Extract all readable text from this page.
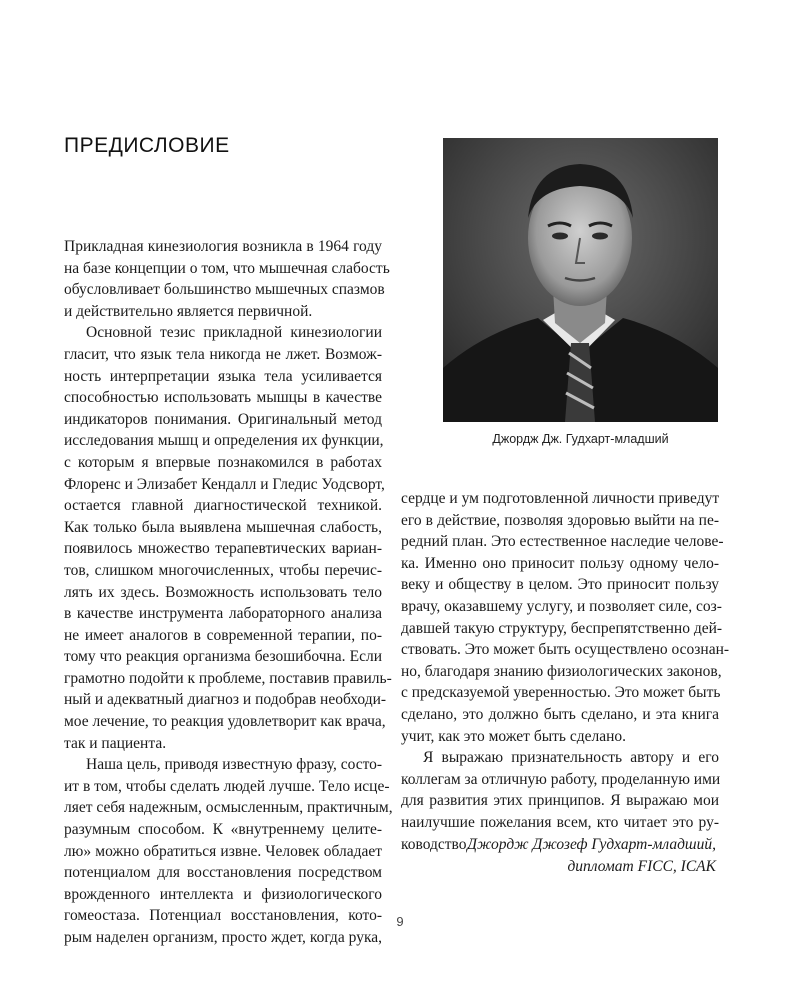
ПРЕДИСЛОВИЕ
Джордж Дж. Гудхарт-младший
Прикладная кинезиология возникла в 1964 году
на базе концепции о том, что мышечная слабость
обусловливает большинство мышечных спазмов
и действительно является первичной.
Основной тезис прикладной кинезиологии
гласит, что язык тела никогда не лжет. Возмож-
ность интерпретации языка тела усиливается
способностью использовать мышцы в качестве
индикаторов понимания. Оригинальный метод
исследования мышц и определения их функции,
с которым я впервые познакомился в работах
Флоренс и Элизабет Кендалл и Гледис Уодсворт,
остается главной диагностической техникой.
Как только была выявлена мышечная слабость,
появилось множество терапевтических вариан-
тов, слишком многочисленных, чтобы перечис-
лять их здесь. Возможность использовать тело
в качестве инструмента лабораторного анализа
не имеет аналогов в современной терапии, по-
тому что реакция организма безошибочна. Если
грамотно подойти к проблеме, поставив правиль-
ный и адекватный диагноз и подобрав необходи-
мое лечение, то реакция удовлетворит как врача,
так и пациента.
Наша цель, приводя известную фразу, состо-
ит в том, чтобы сделать людей лучше. Тело исце-
ляет себя надежным, осмысленным, практичным,
разумным способом. К «внутреннему целите-
лю» можно обратиться извне. Человек обладает
потенциалом для восстановления посредством
врожденного интеллекта и физиологического
гомеостаза. Потенциал восстановления, кото-
рым наделен организм, просто ждет, когда рука,
сердце и ум подготовленной личности приведут
его в действие, позволяя здоровью выйти на пе-
редний план. Это естественное наследие челове-
ка. Именно оно приносит пользу одному чело-
веку и обществу в целом. Это приносит пользу
врачу, оказавшему услугу, и позволяет силе, соз-
давшей такую структуру, беспрепятственно дей-
ствовать. Это может быть осуществлено осознан-
но, благодаря знанию физиологических законов,
с предсказуемой уверенностью. Это может быть
сделано, это должно быть сделано, и эта книга
учит, как это может быть сделано.
Я выражаю признательность автору и его
коллегам за отличную работу, проделанную ими
для развития этих принципов. Я выражаю мои
наилучшие пожелания всем, кто читает это ру-
ководство.
Джордж Джозеф Гудхарт-младший,
дипломат FICC, ICAK
9
